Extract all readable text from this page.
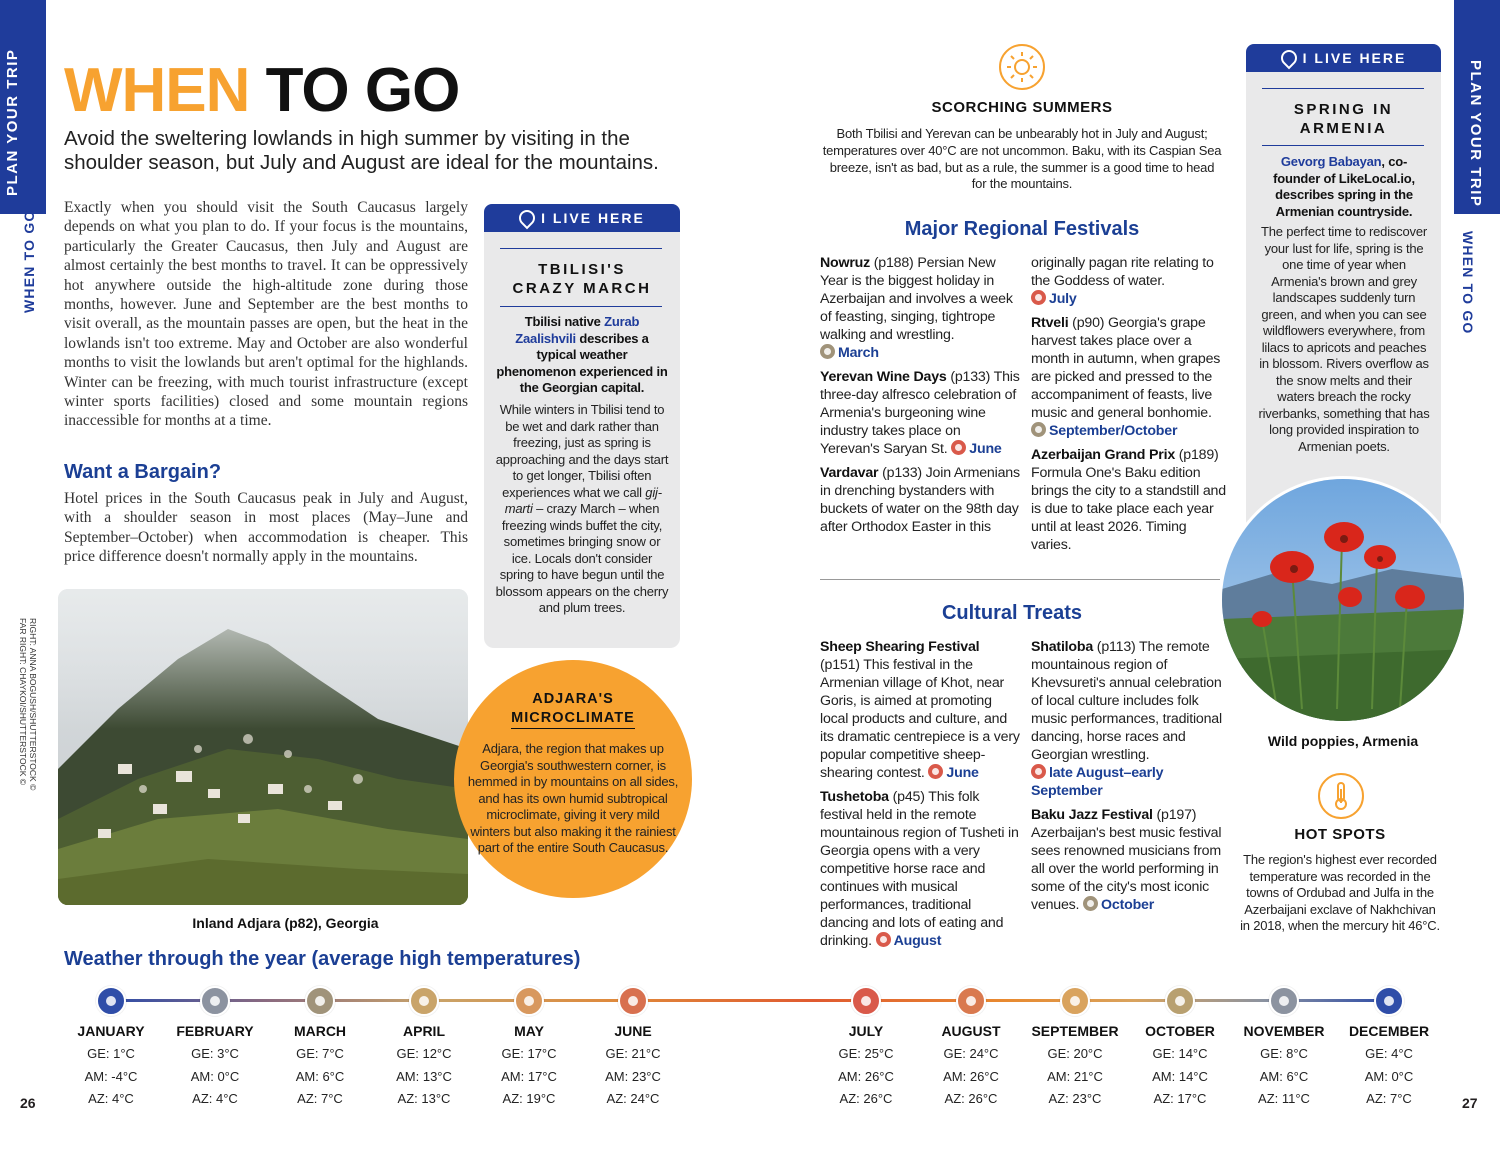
PLAN YOUR TRIP
WHEN TO GO
PLAN YOUR TRIP
WHEN TO GO
WHEN TO GO
Avoid the sweltering lowlands in high summer by visiting in the shoulder season, but July and August are ideal for the mountains.
Exactly when you should visit the South Caucasus largely depends on what you plan to do. If your focus is the mountains, particularly the Greater Caucasus, then July and August are almost certainly the best months to travel. It can be oppressively hot anywhere outside the high-altitude zone during those months, however. June and September are the best months to visit overall, as the mountain passes are open, but the heat in the lowlands isn't too extreme. May and October are also wonderful months to visit the lowlands but aren't optimal for the highlands. Winter can be freezing, with much tourist infrastructure (except winter sports facilities) closed and some mountain regions inaccessible for months at a time.
Want a Bargain?
Hotel prices in the South Caucasus peak in July and August, with a shoulder season in most places (May–June and September–October) when accommodation is cheaper. This price difference doesn't normally apply in the mountains.
RIGHT: ANNA BOGUSH/SHUTTERSTOCK ©
FAR RIGHT: CHAYKOI/SHUTTERSTOCK ©
Inland Adjara (p82), Georgia
I LIVE HERE
TBILISI'S
CRAZY MARCH
Tbilisi native Zurab Zaalishvili describes a typical weather phenomenon experienced in the Georgian capital.
While winters in Tbilisi tend to be wet and dark rather than freezing, just as spring is approaching and the days start to get longer, Tbilisi often experiences what we call gij-marti – crazy March – when freezing winds buffet the city, sometimes bringing snow or ice. Locals don't consider spring to have begun until the blossom appears on the cherry and plum trees.
ADJARA'S
MICROCLIMATE
Adjara, the region that makes up Georgia's southwestern corner, is hemmed in by mountains on all sides, and has its own humid subtropical microclimate, giving it very mild winters but also making it the rainiest part of the entire South Caucasus.
SCORCHING SUMMERS
Both Tbilisi and Yerevan can be unbearably hot in July and August; temperatures over 40°C are not uncommon. Baku, with its Caspian Sea breeze, isn't as bad, but as a rule, the summer is a good time to head for the mountains.
Major Regional Festivals

Nowruz (p188) Persian New Year is the biggest holiday in Azerbaijan and involves a week of feasting, singing, tightrope walking and wrestling.
March

Yerevan Wine Days (p133) This three-day alfresco celebration of Armenia's burgeoning wine industry takes place on Yerevan's Saryan St. June

Vardavar (p133) Join Armenians in drenching bystanders with buckets of water on the 98th day after Orthodox Easter in this

originally pagan rite relating to the Goddess of water.
July

Rtveli (p90) Georgia's grape harvest takes place over a month in autumn, when grapes are picked and pressed to the accompaniment of feasts, live music and general bonhomie.
September/October

Azerbaijan Grand Prix (p189) Formula One's Baku edition brings the city to a standstill and is due to take place each year until at least 2026. Timing varies.

Cultural Treats

Sheep Shearing Festival (p151) This festival in the Armenian village of Khot, near Goris, is aimed at promoting local products and culture, and its dramatic centrepiece is a very popular competitive sheep-shearing contest. June

Tushetoba (p45) This folk festival held in the remote mountainous region of Tusheti in Georgia opens with a very competitive horse race and continues with musical performances, traditional dancing and lots of eating and drinking. August

Shatiloba (p113) The remote mountainous region of Khevsureti's annual celebration of local culture includes folk music performances, traditional dancing, horse races and Georgian wrestling.
late August–early September

Baku Jazz Festival (p197) Azerbaijan's best music festival sees renowned musicians from all over the world performing in some of the city's most iconic venues. October

I LIVE HERE
SPRING IN
ARMENIA
Gevorg Babayan, co-founder of LikeLocal.io, describes spring in the Armenian countryside.
The perfect time to rediscover your lust for life, spring is the one time of year when Armenia's brown and grey landscapes suddenly turn green, and when you can see wildflowers everywhere, from lilacs to apricots and peaches in blossom. Rivers overflow as the snow melts and their waters breach the rocky riverbanks, something that has long provided inspiration to Armenian poets.
Wild poppies, Armenia
HOT SPOTS
The region's highest ever recorded temperature was recorded in the towns of Ordubad and Julfa in the Azerbaijani exclave of Nakhchivan in 2018, when the mercury hit 46°C.
Weather through the year (average high temperatures)
JANUARY
GE: 1°C
AM: -4°C
AZ: 4°C
FEBRUARY
GE: 3°C
AM: 0°C
AZ: 4°C
MARCH
GE: 7°C
AM: 6°C
AZ: 7°C
APRIL
GE: 12°C
AM: 13°C
AZ: 13°C
MAY
GE: 17°C
AM: 17°C
AZ: 19°C
JUNE
GE: 21°C
AM: 23°C
AZ: 24°C
JULY
GE: 25°C
AM: 26°C
AZ: 26°C
AUGUST
GE: 24°C
AM: 26°C
AZ: 26°C
SEPTEMBER
GE: 20°C
AM: 21°C
AZ: 23°C
OCTOBER
GE: 14°C
AM: 14°C
AZ: 17°C
NOVEMBER
GE: 8°C
AM: 6°C
AZ: 11°C
DECEMBER
GE: 4°C
AM: 0°C
AZ: 7°C
26	27
